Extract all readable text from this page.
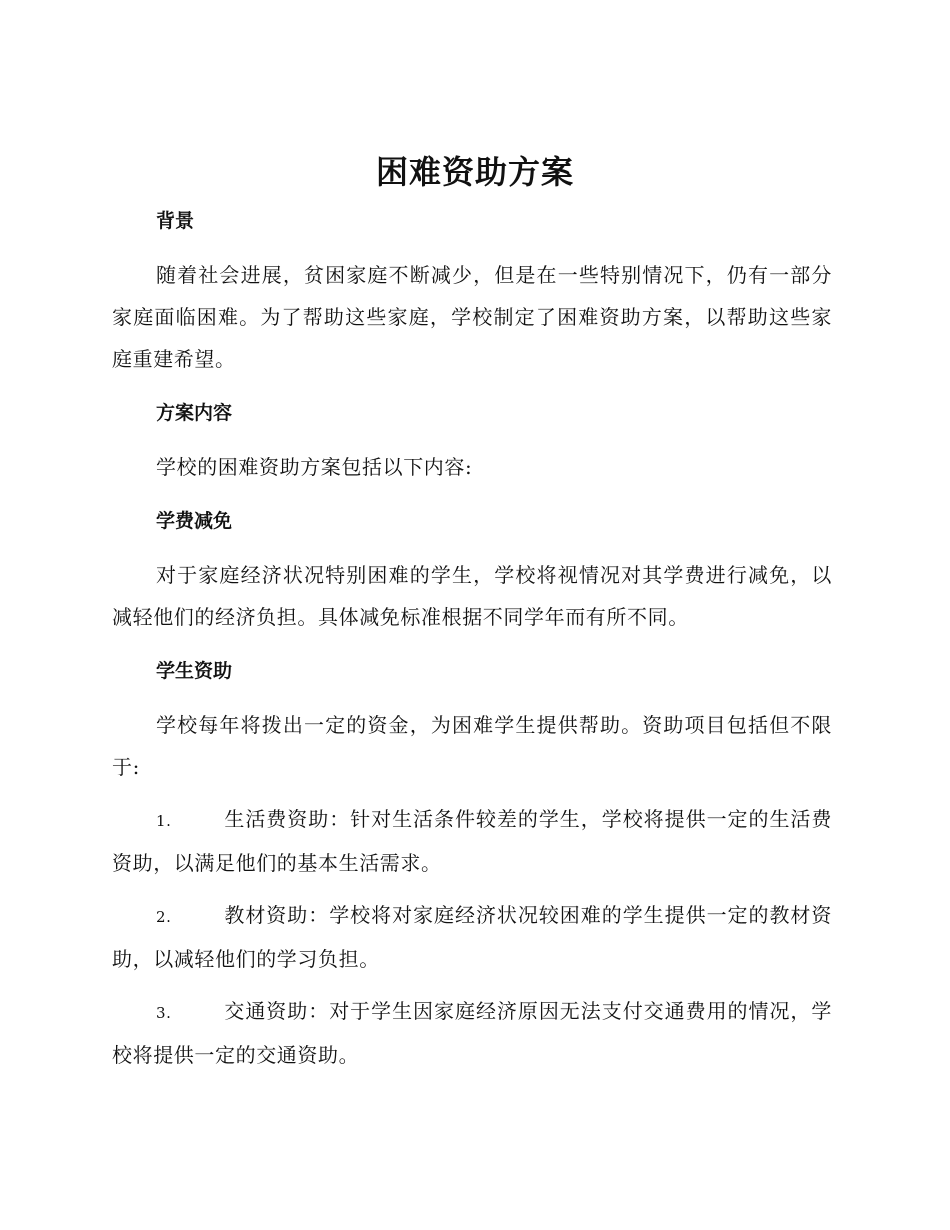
困难资助方案
背景

随着社会进展，贫困家庭不断减少，但是在一些特别情况下，仍有一部分家庭面临困难。为了帮助这些家庭，学校制定了困难资助方案，以帮助这些家庭重建希望。

方案内容

学校的困难资助方案包括以下内容:

学费减免

对于家庭经济状况特别困难的学生，学校将视情况对其学费进行减免，以减轻他们的经济负担。具体减免标准根据不同学年而有所不同。

学生资助

学校每年将拨出一定的资金，为困难学生提供帮助。资助项目包括但不限于:

1.	生活费资助：针对生活条件较差的学生，学校将提供一定的生活费资助，以满足他们的基本生活需求。

2.	教材资助：学校将对家庭经济状况较困难的学生提供一定的教材资助，以减轻他们的学习负担。

3.	交通资助：对于学生因家庭经济原因无法支付交通费用的情况，学校将提供一定的交通资助。
